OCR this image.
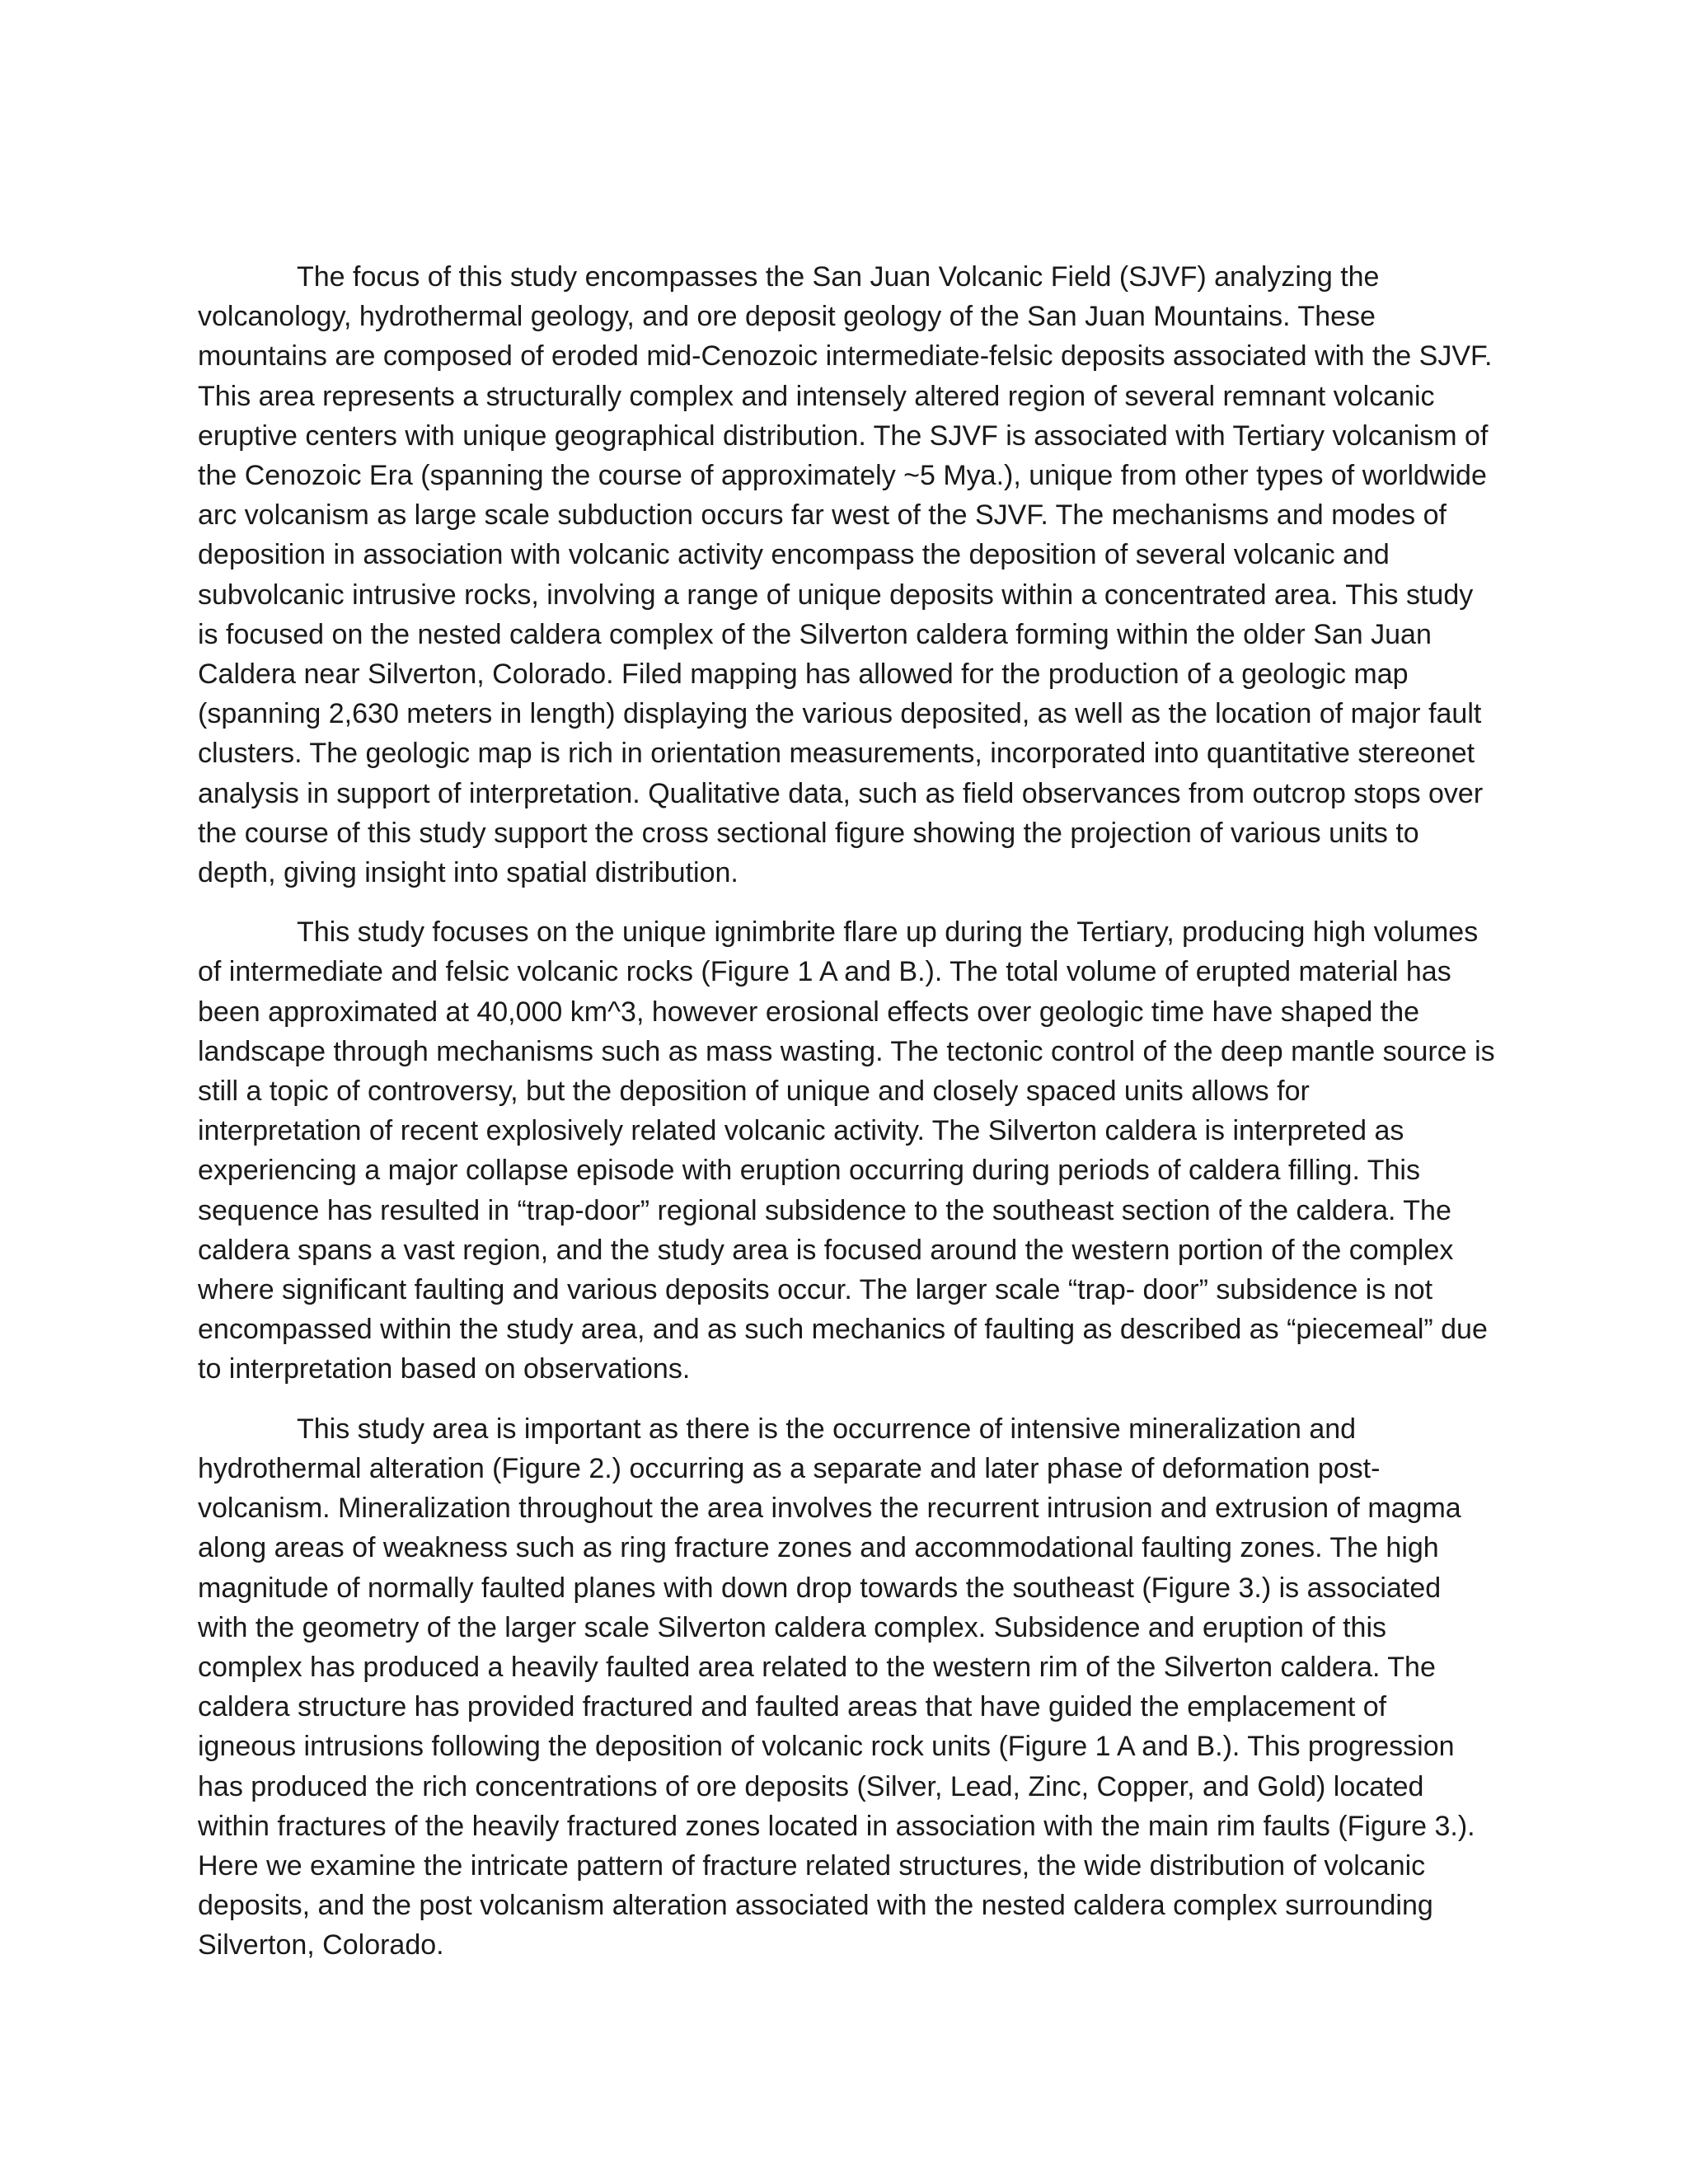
The focus of this study encompasses the San Juan Volcanic Field (SJVF) analyzing the
volcanology, hydrothermal geology, and ore deposit geology of the San Juan Mountains. These
mountains are composed of eroded mid-Cenozoic intermediate-felsic deposits associated with the SJVF.
This area represents a structurally complex and intensely altered region of several remnant volcanic
eruptive centers with unique geographical distribution. The SJVF is associated with Tertiary volcanism of
the Cenozoic Era (spanning the course of approximately ~5 Mya.), unique from other types of worldwide
arc volcanism as large scale subduction occurs far west of the SJVF. The mechanisms and modes of
deposition in association with volcanic activity encompass the deposition of several volcanic and
subvolcanic intrusive rocks, involving a range of unique deposits within a concentrated area. This study
is focused on the nested caldera complex of the Silverton caldera forming within the older San Juan
Caldera near Silverton, Colorado. Filed mapping has allowed for the production of a geologic map
(spanning 2,630 meters in length) displaying the various deposited, as well as the location of major fault
clusters. The geologic map is rich in orientation measurements, incorporated into quantitative stereonet
analysis in support of interpretation. Qualitative data, such as field observances from outcrop stops over
the course of this study support the cross sectional figure showing the projection of various units to
depth, giving insight into spatial distribution.

This study focuses on the unique ignimbrite flare up during the Tertiary, producing high volumes
of intermediate and felsic volcanic rocks (Figure 1 A and B.). The total volume of erupted material has
been approximated at 40,000 km^3, however erosional effects over geologic time have shaped the
landscape through mechanisms such as mass wasting. The tectonic control of the deep mantle source is
still a topic of controversy, but the deposition of unique and closely spaced units allows for
interpretation of recent explosively related volcanic activity. The Silverton caldera is interpreted as
experiencing a major collapse episode with eruption occurring during periods of caldera filling. This
sequence has resulted in “trap-door” regional subsidence to the southeast section of the caldera. The
caldera spans a vast region, and the study area is focused around the western portion of the complex
where significant faulting and various deposits occur. The larger scale “trap- door” subsidence is not
encompassed within the study area, and as such mechanics of faulting as described as “piecemeal” due
to interpretation based on observations.

This study area is important as there is the occurrence of intensive mineralization and
hydrothermal alteration (Figure 2.) occurring as a separate and later phase of deformation post-
volcanism. Mineralization throughout the area involves the recurrent intrusion and extrusion of magma
along areas of weakness such as ring fracture zones and accommodational faulting zones. The high
magnitude of normally faulted planes with down drop towards the southeast (Figure 3.) is associated
with the geometry of the larger scale Silverton caldera complex. Subsidence and eruption of this
complex has produced a heavily faulted area related to the western rim of the Silverton caldera. The
caldera structure has provided fractured and faulted areas that have guided the emplacement of
igneous intrusions following the deposition of volcanic rock units (Figure 1 A and B.). This progression
has produced the rich concentrations of ore deposits (Silver, Lead, Zinc, Copper, and Gold) located
within fractures of the heavily fractured zones located in association with the main rim faults (Figure 3.).
Here we examine the intricate pattern of fracture related structures, the wide distribution of volcanic
deposits, and the post volcanism alteration associated with the nested caldera complex surrounding
Silverton, Colorado.
